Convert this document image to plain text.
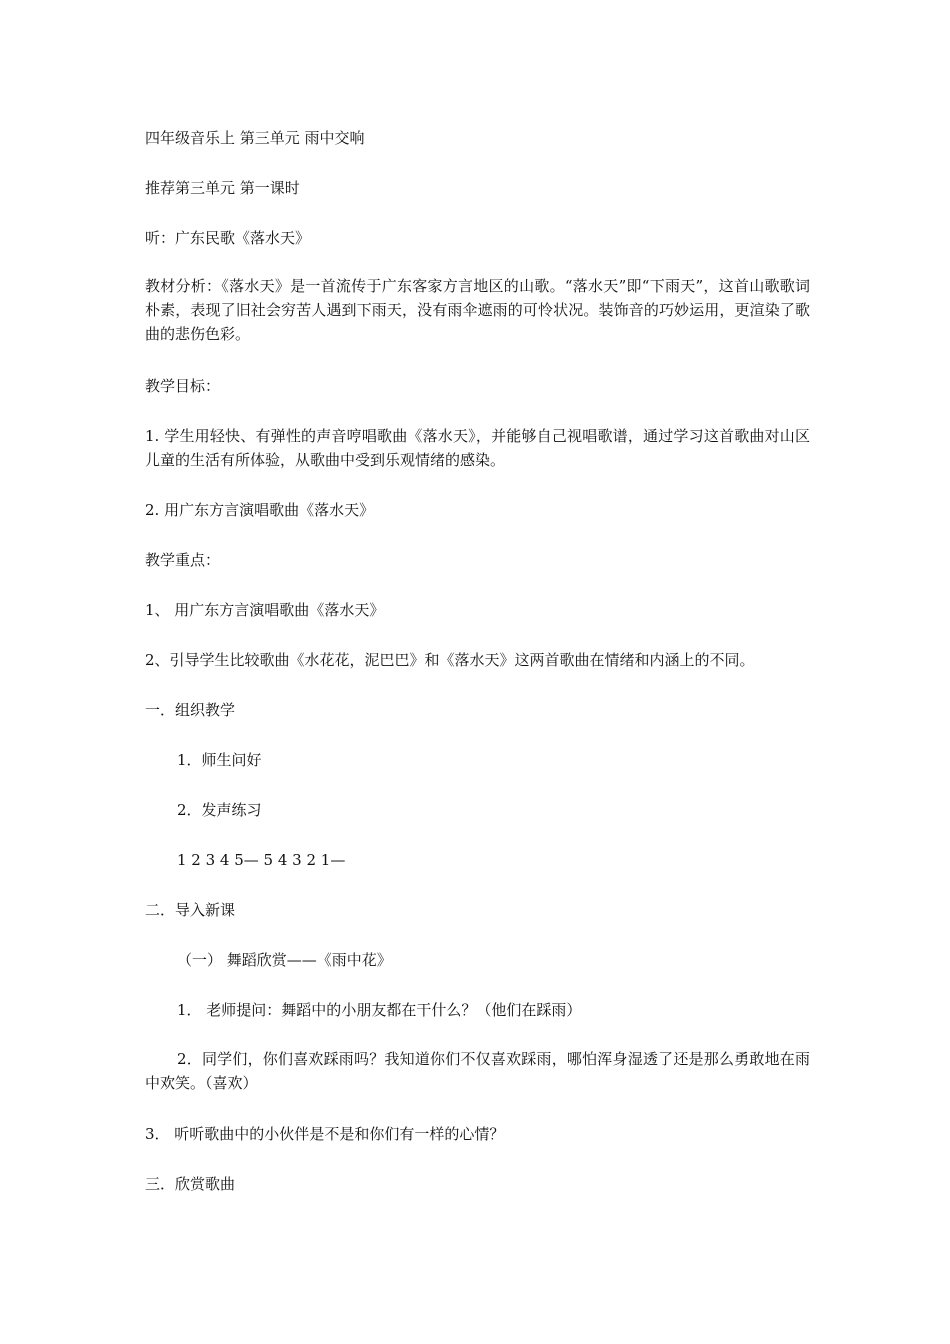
四年级音乐上 第三单元 雨中交响

推荐第三单元 第一课时

听：广东民歌《落水天》

教材分析：《落水天》是一首流传于广东客家方言地区的山歌。“落水天”即“下雨天”，这首山歌歌词朴素，表现了旧社会穷苦人遇到下雨天，没有雨伞遮雨的可怜状况。装饰音的巧妙运用，更渲染了歌曲的悲伤色彩。

教学目标：

1. 学生用轻快、有弹性的声音哼唱歌曲《落水天》，并能够自己视唱歌谱，通过学习这首歌曲对山区儿童的生活有所体验，从歌曲中受到乐观情绪的感染。

2. 用广东方言演唱歌曲《落水天》

教学重点：

1、 用广东方言演唱歌曲《落水天》

2、引导学生比较歌曲《水花花，泥巴巴》和《落水天》这两首歌曲在情绪和内涵上的不同。

一．组织教学

1．师生问好

2．发声练习

1 2 3 4 5— 5 4 3 2 1—

二．导入新课

（一） 舞蹈欣赏——《雨中花》

1． 老师提问：舞蹈中的小朋友都在干什么？（他们在踩雨）

2．同学们，你们喜欢踩雨吗？我知道你们不仅喜欢踩雨，哪怕浑身湿透了还是那么勇敢地在雨中欢笑。（喜欢）

3． 听听歌曲中的小伙伴是不是和你们有一样的心情？

三．欣赏歌曲
